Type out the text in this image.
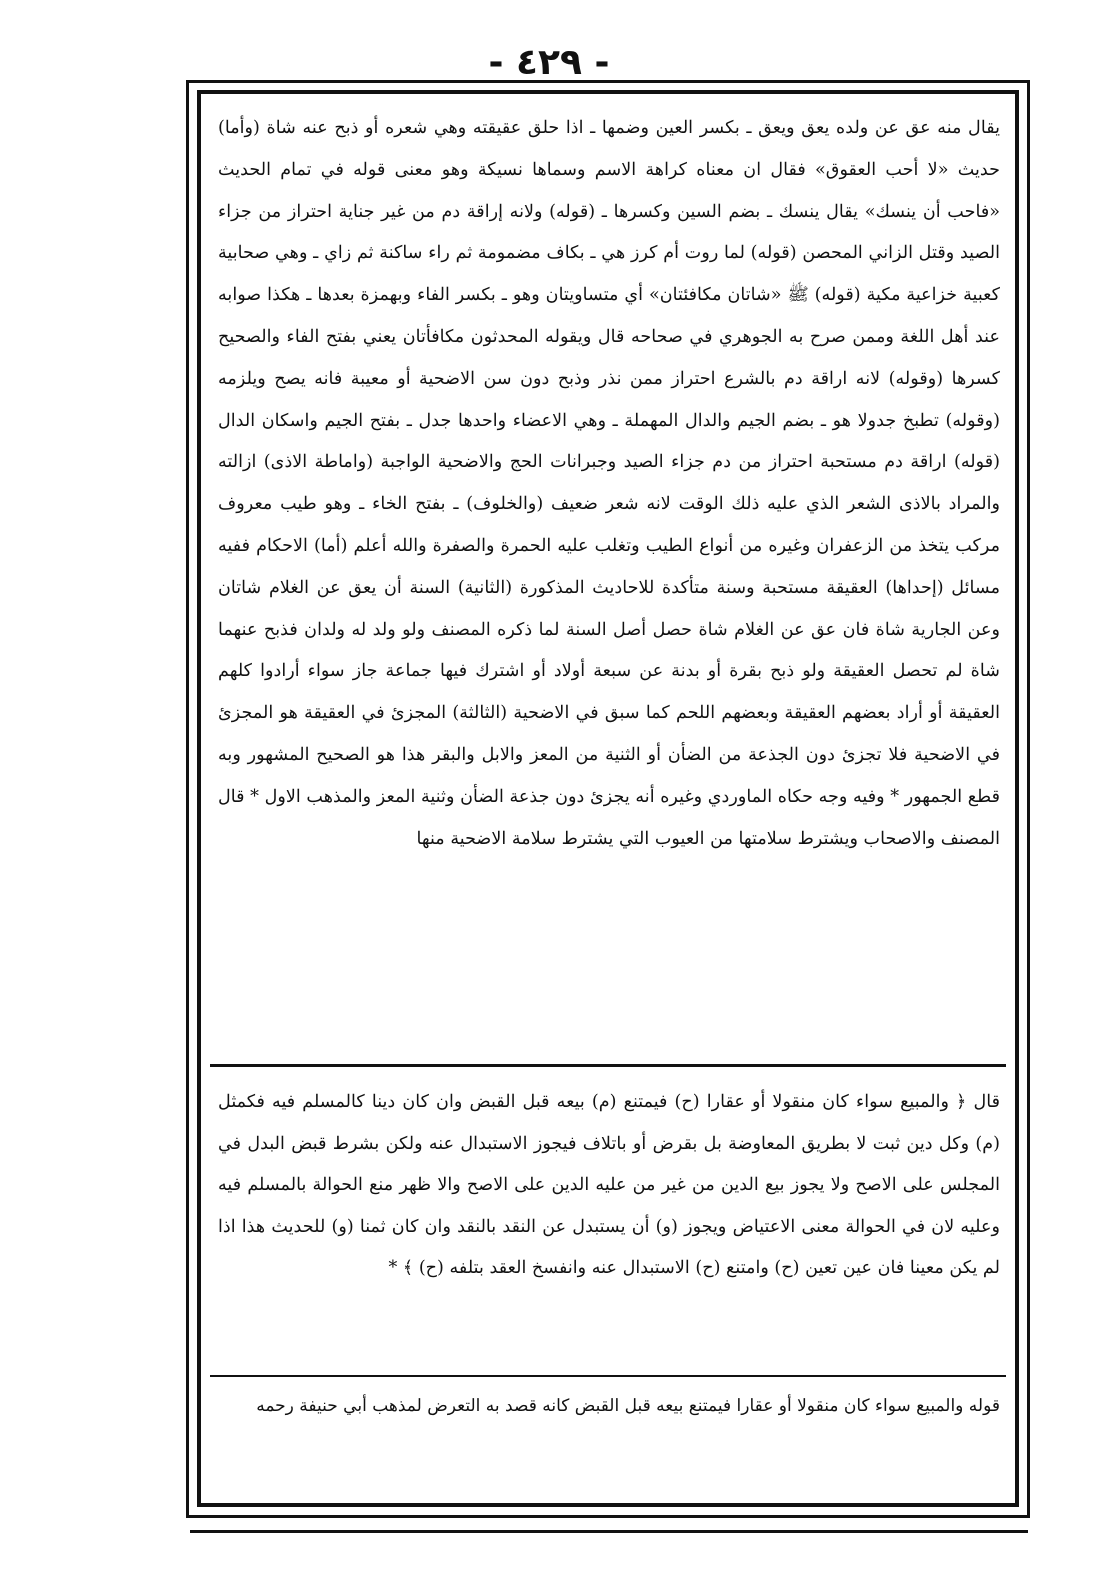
- ٤٢٩ -
يقال منه عق عن ولده يعق ويعق ـ بكسر العين وضمها ـ اذا حلق عقيقته وهي شعره أو ذبح عنه شاة (وأما) حديث «لا أحب العقوق» فقال ان معناه كراهة الاسم وسماها نسيكة وهو معنى قوله في تمام الحديث «فاحب أن ينسك» يقال ينسك ـ بضم السين وكسرها ـ (قوله) ولانه إراقة دم من غير جناية احتراز من جزاء الصيد وقتل الزاني المحصن (قوله) لما روت أم كرز هي ـ بكاف مضمومة ثم راء ساكنة ثم زاي ـ وهي صحابية كعبية خزاعية مكية (قوله) ﷺ «شاتان مكافئتان» أي متساويتان وهو ـ بكسر الفاء وبهمزة بعدها ـ هكذا صوابه عند أهل اللغة وممن صرح به الجوهري في صحاحه قال ويقوله المحدثون مكافأتان يعني بفتح الفاء والصحيح كسرها (وقوله) لانه اراقة دم بالشرع احتراز ممن نذر وذبح دون سن الاضحية أو معيبة فانه يصح ويلزمه (وقوله) تطبخ جدولا هو ـ بضم الجيم والدال المهملة ـ وهي الاعضاء واحدها جدل ـ بفتح الجيم واسكان الدال (قوله) اراقة دم مستحبة احتراز من دم جزاء الصيد وجبرانات الحج والاضحية الواجبة (واماطة الاذى) ازالته والمراد بالاذى الشعر الذي عليه ذلك الوقت لانه شعر ضعيف (والخلوف) ـ بفتح الخاء ـ وهو طيب معروف مركب يتخذ من الزعفران وغيره من أنواع الطيب وتغلب عليه الحمرة والصفرة والله أعلم (أما) الاحكام ففيه مسائل (إحداها) العقيقة مستحبة وسنة متأكدة للاحاديث المذكورة (الثانية) السنة أن يعق عن الغلام شاتان وعن الجارية شاة فان عق عن الغلام شاة حصل أصل السنة لما ذكره المصنف ولو ولد له ولدان فذبح عنهما شاة لم تحصل العقيقة ولو ذبح بقرة أو بدنة عن سبعة أولاد أو اشترك فيها جماعة جاز سواء أرادوا كلهم العقيقة أو أراد بعضهم العقيقة وبعضهم اللحم كما سبق في الاضحية (الثالثة) المجزئ في العقيقة هو المجزئ في الاضحية فلا تجزئ دون الجذعة من الضأن أو الثنية من المعز والابل والبقر هذا هو الصحيح المشهور وبه قطع الجمهور * وفيه وجه حكاه الماوردي وغيره أنه يجزئ دون جذعة الضأن وثنية المعز والمذهب الاول * قال المصنف والاصحاب ويشترط سلامتها من العيوب التي يشترط سلامة الاضحية منها
قال ﴿ والمبيع سواء كان منقولا أو عقارا (ح) فيمتنع (م) بيعه قبل القبض وان كان دينا كالمسلم فيه فكمثل (م) وكل دين ثبت لا بطريق المعاوضة بل بقرض أو باتلاف فيجوز الاستبدال عنه ولكن بشرط قبض البدل في المجلس على الاصح ولا يجوز بيع الدين من غير من عليه الدين على الاصح والا ظهر منع الحوالة بالمسلم فيه وعليه لان في الحوالة معنى الاعتياض ويجوز (و) أن يستبدل عن النقد بالنقد وان كان ثمنا (و) للحديث هذا اذا لم يكن معينا فان عين تعين (ح) وامتنع (ح) الاستبدال عنه وانفسخ العقد بتلفه (ح) ﴾ *
قوله والمبيع سواء كان منقولا أو عقارا فيمتنع بيعه قبل القبض كانه قصد به التعرض لمذهب أبي حنيفة رحمه
